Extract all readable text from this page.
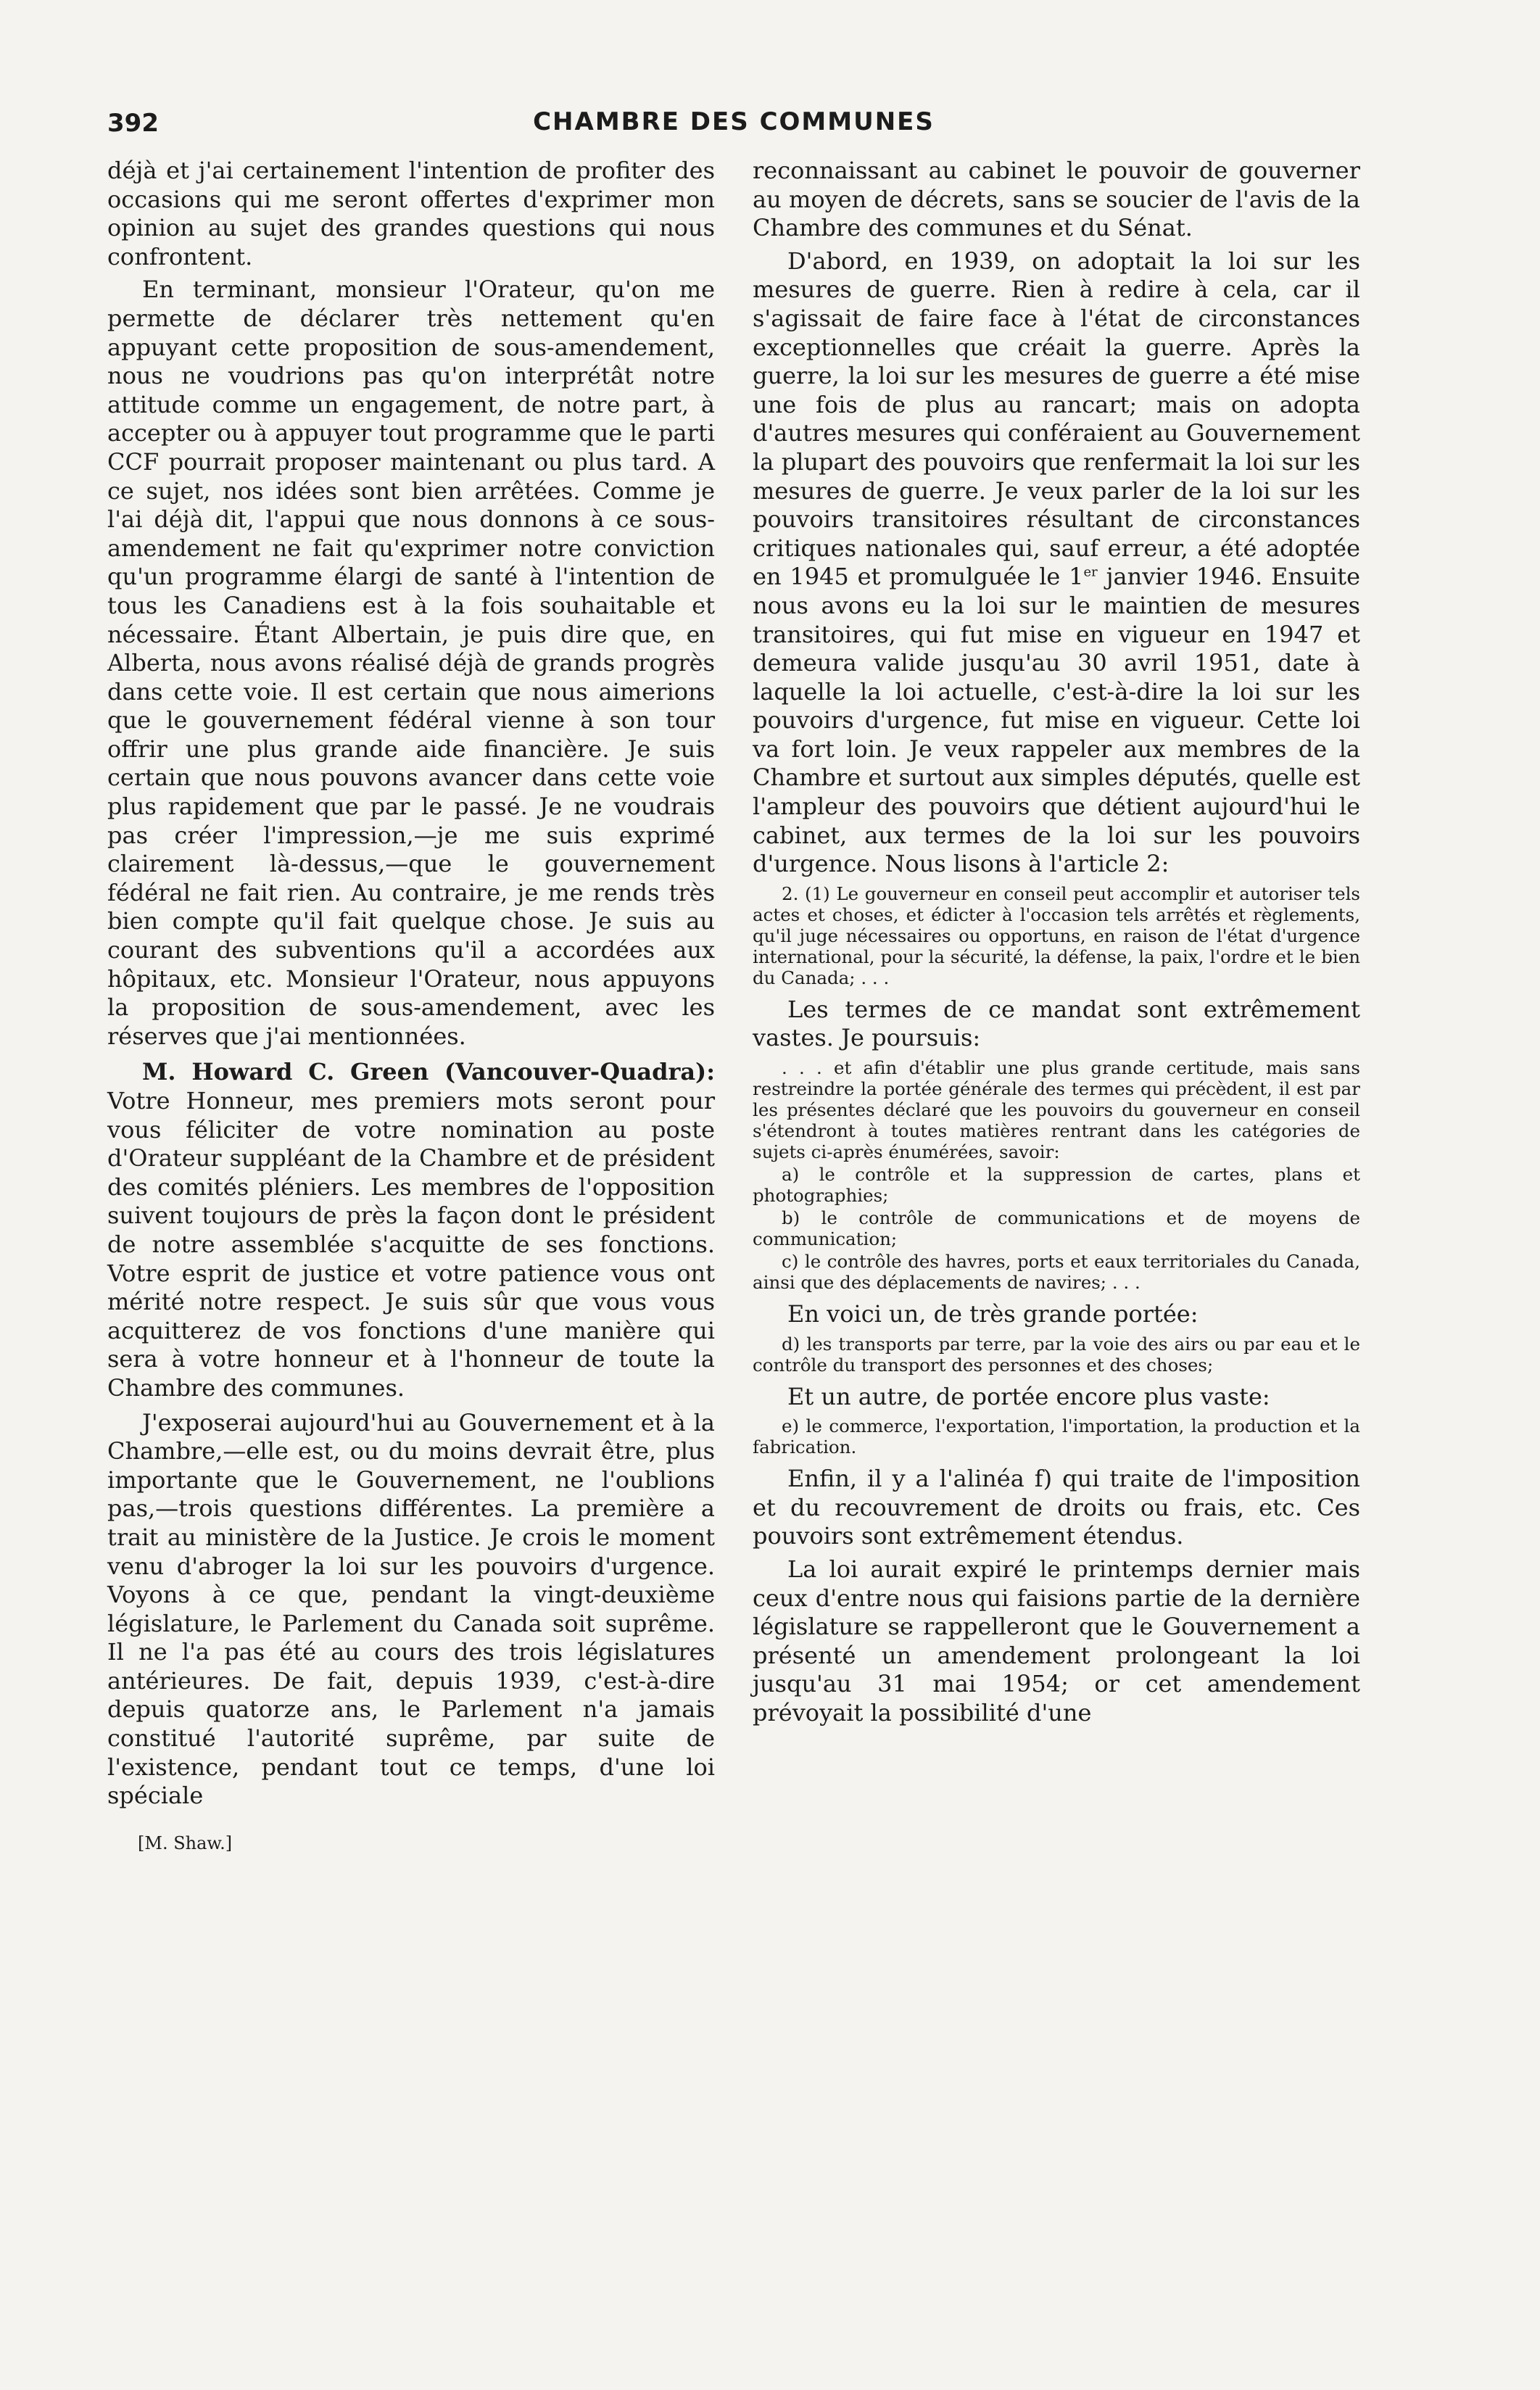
392	CHAMBRE DES COMMUNES

déjà et j'ai certainement l'intention de profiter des occasions qui me seront offertes d'exprimer mon opinion au sujet des grandes questions qui nous confrontent.

En terminant, monsieur l'Orateur, qu'on me permette de déclarer très nettement qu'en appuyant cette proposition de sous-amendement, nous ne voudrions pas qu'on interprétât notre attitude comme un engagement, de notre part, à accepter ou à appuyer tout programme que le parti CCF pourrait proposer maintenant ou plus tard. A ce sujet, nos idées sont bien arrêtées. Comme je l'ai déjà dit, l'appui que nous donnons à ce sous-amendement ne fait qu'exprimer notre conviction qu'un programme élargi de santé à l'intention de tous les Canadiens est à la fois souhaitable et nécessaire. Étant Albertain, je puis dire que, en Alberta, nous avons réalisé déjà de grands progrès dans cette voie. Il est certain que nous aimerions que le gouvernement fédéral vienne à son tour offrir une plus grande aide financière. Je suis certain que nous pouvons avancer dans cette voie plus rapidement que par le passé. Je ne voudrais pas créer l'impression,—je me suis exprimé clairement là-dessus,—que le gouvernement fédéral ne fait rien. Au contraire, je me rends très bien compte qu'il fait quelque chose. Je suis au courant des subventions qu'il a accordées aux hôpitaux, etc. Monsieur l'Orateur, nous appuyons la proposition de sous-amendement, avec les réserves que j'ai mentionnées.

M. Howard C. Green (Vancouver-Quadra): Votre Honneur, mes premiers mots seront pour vous féliciter de votre nomination au poste d'Orateur suppléant de la Chambre et de président des comités pléniers. Les membres de l'opposition suivent toujours de près la façon dont le président de notre assemblée s'acquitte de ses fonctions. Votre esprit de justice et votre patience vous ont mérité notre respect. Je suis sûr que vous vous acquitterez de vos fonctions d'une manière qui sera à votre honneur et à l'honneur de toute la Chambre des communes.

J'exposerai aujourd'hui au Gouvernement et à la Chambre,—elle est, ou du moins devrait être, plus importante que le Gouvernement, ne l'oublions pas,—trois questions différentes. La première a trait au ministère de la Justice. Je crois le moment venu d'abroger la loi sur les pouvoirs d'urgence. Voyons à ce que, pendant la vingt-deuxième législature, le Parlement du Canada soit suprême. Il ne l'a pas été au cours des trois législatures antérieures. De fait, depuis 1939, c'est-à-dire depuis quatorze ans, le Parlement n'a jamais constitué l'autorité suprême, par suite de l'existence, pendant tout ce temps, d'une loi spéciale

[M. Shaw.]

reconnaissant au cabinet le pouvoir de gouverner au moyen de décrets, sans se soucier de l'avis de la Chambre des communes et du Sénat.

D'abord, en 1939, on adoptait la loi sur les mesures de guerre. Rien à redire à cela, car il s'agissait de faire face à l'état de circonstances exceptionnelles que créait la guerre. Après la guerre, la loi sur les mesures de guerre a été mise une fois de plus au rancart; mais on adopta d'autres mesures qui conféraient au Gouvernement la plupart des pouvoirs que renfermait la loi sur les mesures de guerre. Je veux parler de la loi sur les pouvoirs transitoires résultant de circonstances critiques nationales qui, sauf erreur, a été adoptée en 1945 et promulguée le 1er janvier 1946. Ensuite nous avons eu la loi sur le maintien de mesures transitoires, qui fut mise en vigueur en 1947 et demeura valide jusqu'au 30 avril 1951, date à laquelle la loi actuelle, c'est-à-dire la loi sur les pouvoirs d'urgence, fut mise en vigueur. Cette loi va fort loin. Je veux rappeler aux membres de la Chambre et surtout aux simples députés, quelle est l'ampleur des pouvoirs que détient aujourd'hui le cabinet, aux termes de la loi sur les pouvoirs d'urgence. Nous lisons à l'article 2:

2. (1) Le gouverneur en conseil peut accomplir et autoriser tels actes et choses, et édicter à l'occasion tels arrêtés et règlements, qu'il juge nécessaires ou opportuns, en raison de l'état d'urgence international, pour la sécurité, la défense, la paix, l'ordre et le bien du Canada; . . .

Les termes de ce mandat sont extrêmement vastes. Je poursuis:

. . . et afin d'établir une plus grande certitude, mais sans restreindre la portée générale des termes qui précèdent, il est par les présentes déclaré que les pouvoirs du gouverneur en conseil s'étendront à toutes matières rentrant dans les catégories de sujets ci-après énumérées, savoir:
a) le contrôle et la suppression de cartes, plans et photographies;
b) le contrôle de communications et de moyens de communication;
c) le contrôle des havres, ports et eaux territoriales du Canada, ainsi que des déplacements de navires; . . .

En voici un, de très grande portée:

d) les transports par terre, par la voie des airs ou par eau et le contrôle du transport des personnes et des choses;

Et un autre, de portée encore plus vaste:

e) le commerce, l'exportation, l'importation, la production et la fabrication.

Enfin, il y a l'alinéa f) qui traite de l'imposition et du recouvrement de droits ou frais, etc. Ces pouvoirs sont extrêmement étendus.

La loi aurait expiré le printemps dernier mais ceux d'entre nous qui faisions partie de la dernière législature se rappelleront que le Gouvernement a présenté un amendement prolongeant la loi jusqu'au 31 mai 1954; or cet amendement prévoyait la possibilité d'une
